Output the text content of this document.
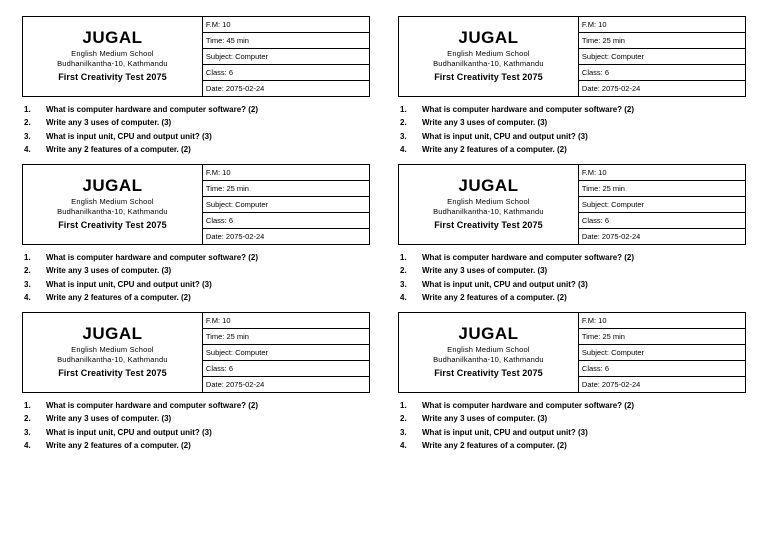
JUGAL
English Medium School
Budhanilkantha-10, Kathmandu
First Creativity Test 2075
F.M: 10
Time: 45 min
Subject: Computer
Class: 6
Date: 2075-02-24
1.	What is computer hardware and computer software? (2)
2.	Write any 3 uses of computer. (3)
3.	What is input unit, CPU and output unit? (3)
4.	Write any 2 features of a computer. (2)
JUGAL
English Medium School
Budhanilkantha-10, Kathmandu
First Creativity Test 2075
F.M: 10
Time: 25 min
Subject: Computer
Class: 6
Date: 2075-02-24
1.	What is computer hardware and computer software? (2)
2.	Write any 3 uses of computer. (3)
3.	What is input unit, CPU and output unit? (3)
4.	Write any 2 features of a computer. (2)
JUGAL
English Medium School
Budhanilkantha-10, Kathmandu
First Creativity Test 2075
F.M: 10
Time: 25 min
Subject: Computer
Class: 6
Date: 2075-02-24
1.	What is computer hardware and computer software? (2)
2.	Write any 3 uses of computer. (3)
3.	What is input unit, CPU and output unit? (3)
4.	Write any 2 features of a computer. (2)
JUGAL
English Medium School
Budhanilkantha-10, Kathmandu
First Creativity Test 2075
F.M: 10
Time: 25 min
Subject: Computer
Class: 6
Date: 2075-02-24
1.	What is computer hardware and computer software? (2)
2.	Write any 3 uses of computer. (3)
3.	What is input unit, CPU and output unit? (3)
4.	Write any 2 features of a computer. (2)
JUGAL
English Medium School
Budhanilkantha-10, Kathmandu
First Creativity Test 2075
F.M: 10
Time: 25 min
Subject: Computer
Class: 6
Date: 2075-02-24
1.	What is computer hardware and computer software? (2)
2.	Write any 3 uses of computer. (3)
3.	What is input unit, CPU and output unit? (3)
4.	Write any 2 features of a computer. (2)
JUGAL
English Medium School
Budhanilkantha-10, Kathmandu
First Creativity Test 2075
F.M: 10
Time: 25 min
Subject: Computer
Class: 6
Date: 2075-02-24
1.	What is computer hardware and computer software? (2)
2.	Write any 3 uses of computer. (3)
3.	What is input unit, CPU and output unit? (3)
4.	Write any 2 features of a computer. (2)
